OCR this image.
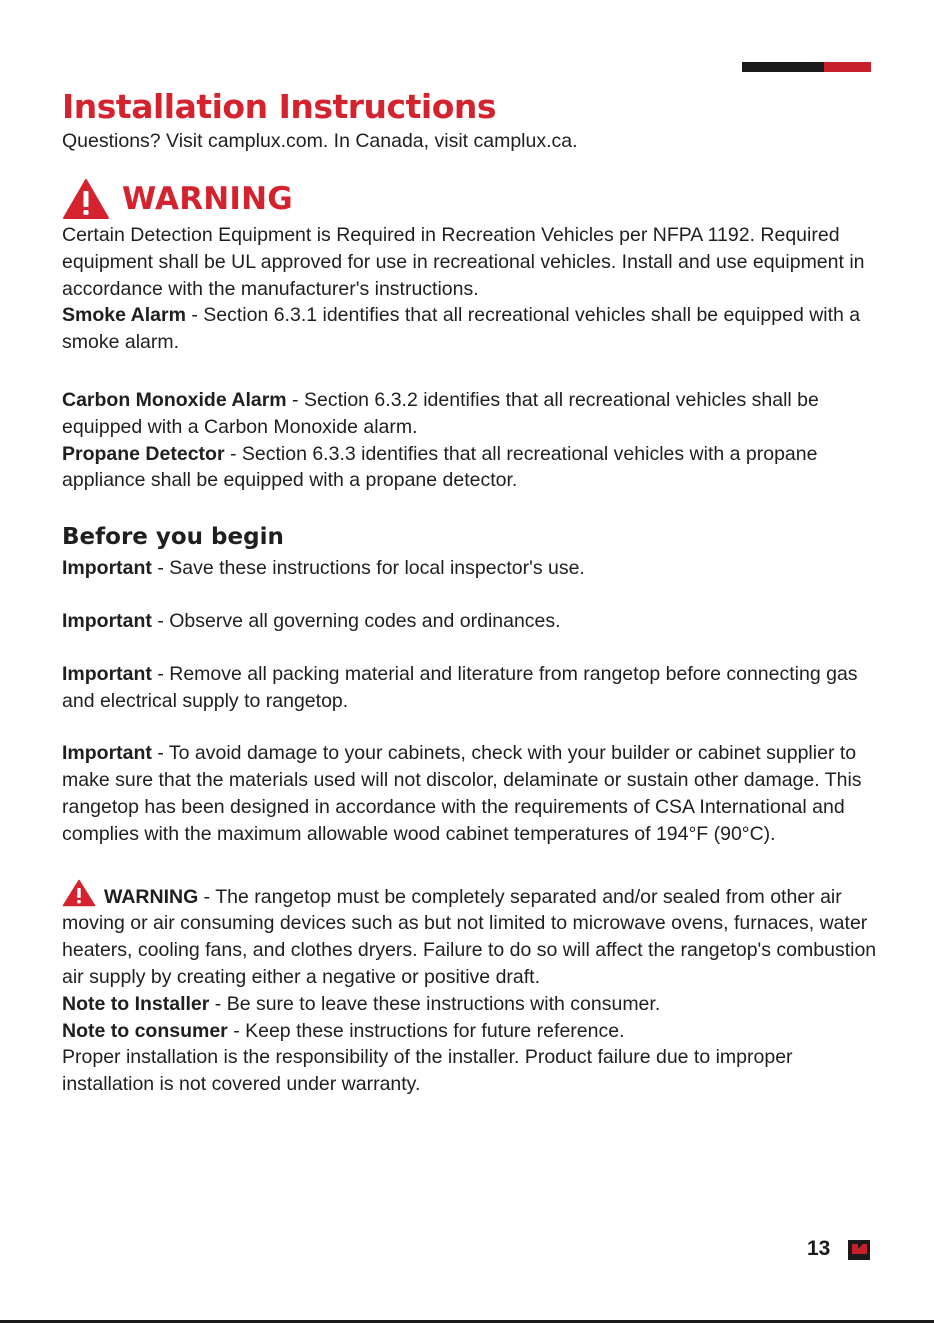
Installation Instructions
Questions? Visit camplux.com. In Canada, visit camplux.ca.
WARNING

Certain Detection Equipment is Required in Recreation Vehicles per NFPA 1192. Required equipment shall be UL approved for use in recreational vehicles. Install and use equipment in accordance with the manufacturer's instructions.

Smoke Alarm - Section 6.3.1 identifies that all recreational vehicles shall be equipped with a smoke alarm.

Carbon Monoxide Alarm - Section 6.3.2 identifies that all recreational vehicles shall be equipped with a Carbon Monoxide alarm.

Propane Detector - Section 6.3.3 identifies that all recreational vehicles with a propane appliance shall be equipped with a propane detector.

Before you begin

Important - Save these instructions for local inspector's use.

Important - Observe all governing codes and ordinances.

Important - Remove all packing material and literature from rangetop before connecting gas and electrical supply to rangetop.

Important - To avoid damage to your cabinets, check with your builder or cabinet supplier to make sure that the materials used will not discolor, delaminate or sustain other damage. This rangetop has been designed in accordance with the requirements of CSA International and complies with the maximum allowable wood cabinet temperatures of 194°F (90°C).

WARNING - The rangetop must be completely separated and/or sealed from other air moving or air consuming devices such as but not limited to microwave ovens, furnaces, water heaters, cooling fans, and clothes dryers. Failure to do so will affect the rangetop's combustion air supply by creating either a negative or positive draft.

Note to Installer - Be sure to leave these instructions with consumer.

Note to consumer - Keep these instructions for future reference.

Proper installation is the responsibility of the installer. Product failure due to improper installation is not covered under warranty.

13
